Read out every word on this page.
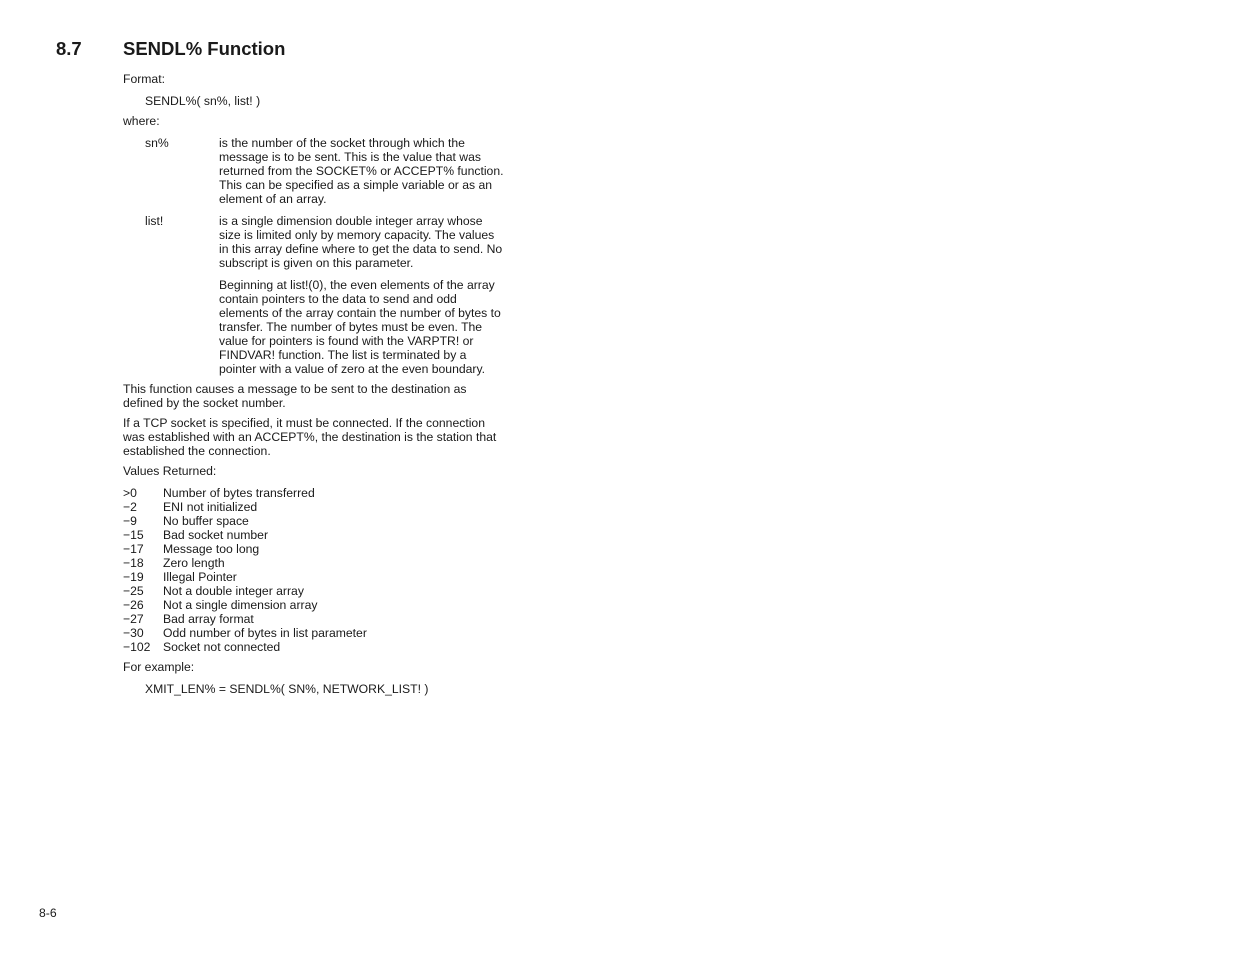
8.7 SENDL% Function

Format:

SENDL%( sn%, list! )

where:

sn%	is the number of the socket through which the message is to be sent. This is the value that was returned from the SOCKET% or ACCEPT% function. This can be specified as a simple variable or as an element of an array.
list!	is a single dimension double integer array whose size is limited only by memory capacity. The values in this array define where to get the data to send. No subscript is given on this parameter.
Beginning at list!(0), the even elements of the array contain pointers to the data to send and odd elements of the array contain the number of bytes to transfer. The number of bytes must be even. The value for pointers is found with the VARPTR! or FINDVAR! function. The list is terminated by a pointer with a value of zero at the even boundary.

This function causes a message to be sent to the destination as defined by the socket number.

If a TCP socket is specified, it must be connected. If the connection was established with an ACCEPT%, the destination is the station that established the connection.

Values Returned:

>0	Number of bytes transferred
−2	ENI not initialized
−9	No buffer space
−15	Bad socket number
−17	Message too long
−18	Zero length
−19	Illegal Pointer
−25	Not a double integer array
−26	Not a single dimension array
−27	Bad array format
−30	Odd number of bytes in list parameter
−102	Socket not connected

For example:

XMIT_LEN% = SENDL%( SN%, NETWORK_LIST! )

8-6
